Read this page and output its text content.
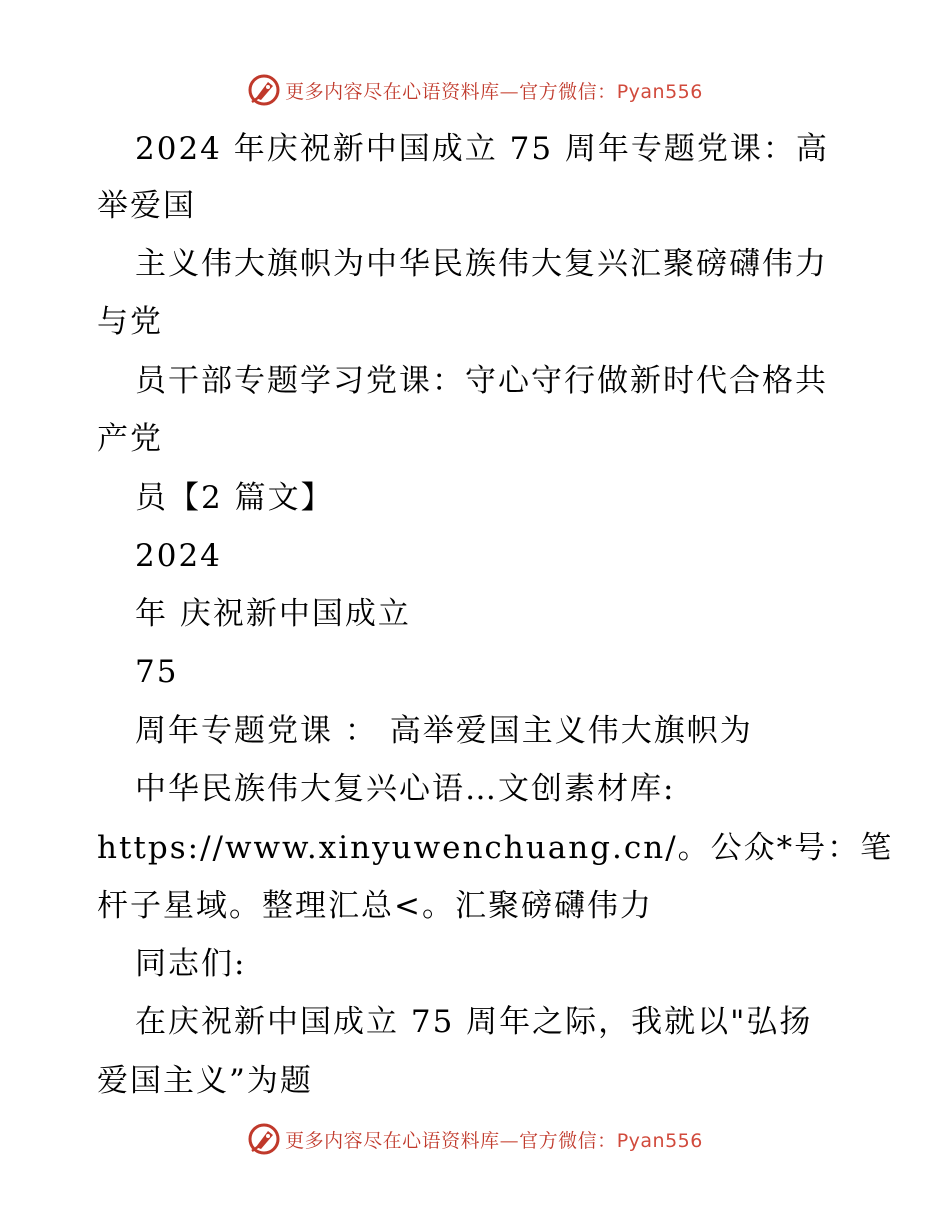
更多内容尽在心语资料库—官方微信：Pyan556
2024 年庆祝新中国成立 75 周年专题党课：高
举爱国
主义伟大旗帜为中华民族伟大复兴汇聚磅礴伟力
与党
员干部专题学习党课：守心守行做新时代合格共
产党
员【2 篇文】
2024
年 庆祝新中国成立
75
周年专题党课 ： 高举爱国主义伟大旗帜为
中华民族伟大复兴心语…文创素材库:
https://www.xinyuwenchuang.cn/。公众*号：笔
杆子星域。整理汇总<。汇聚磅礴伟力
同志们:
在庆祝新中国成立 75 周年之际，我就以"弘扬
爱国主义”为题
更多内容尽在心语资料库—官方微信：Pyan556
